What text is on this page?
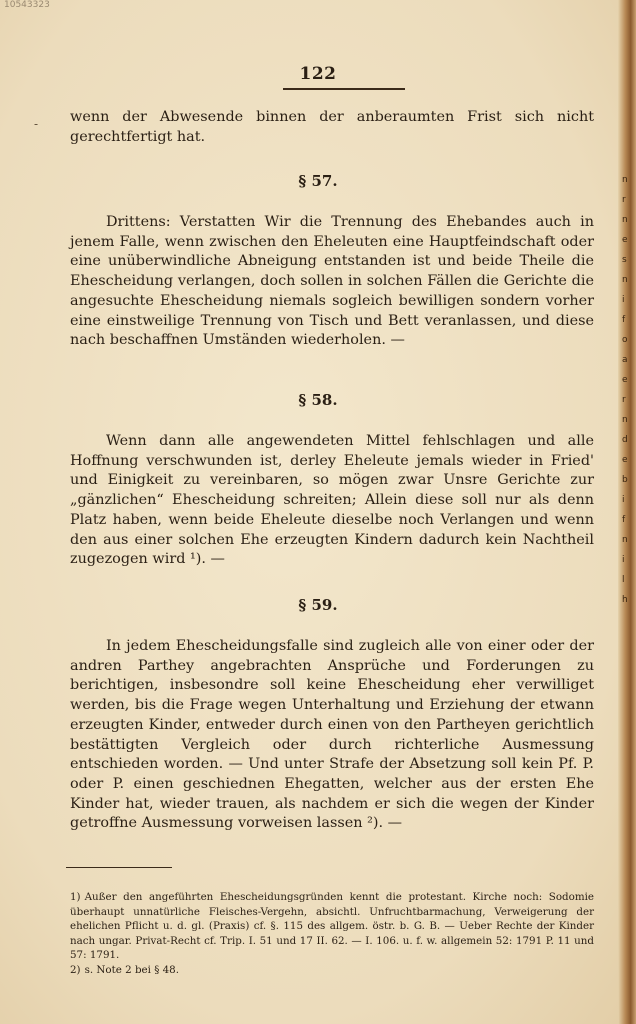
10543323
-
122

wenn der Abwesende binnen der anberaumten Frist sich nicht gerechtfertigt hat.

§ 57.

Drittens: Verstatten Wir die Trennung des Ehebandes auch in jenem Falle, wenn zwischen den Eheleuten eine Hauptfeindschaft oder eine unüberwindliche Abneigung entstanden ist und beide Theile die Ehescheidung verlangen, doch sollen in solchen Fällen die Gerichte die angesuchte Ehescheidung niemals sogleich bewilligen sondern vorher eine einstweilige Trennung von Tisch und Bett veranlassen, und diese nach beschaffnen Umständen wiederholen. —

§ 58.

Wenn dann alle angewendeten Mittel fehlschlagen und alle Hoffnung verschwunden ist, derley Eheleute jemals wieder in Fried' und Einigkeit zu vereinbaren, so mögen zwar Unsre Gerichte zur „gänzlichen“ Ehescheidung schreiten; Allein diese soll nur als denn Platz haben, wenn beide Eheleute dieselbe noch Verlangen und wenn den aus einer solchen Ehe erzeugten Kindern dadurch kein Nachtheil zugezogen wird ¹). —

§ 59.

In jedem Ehescheidungsfalle sind zugleich alle von einer oder der andren Parthey angebrachten Ansprüche und Forderungen zu berichtigen, insbesondre soll keine Ehescheidung eher verwilliget werden, bis die Frage wegen Unterhaltung und Erziehung der etwann erzeugten Kinder, entweder durch einen von den Partheyen gerichtlich bestättigten Vergleich oder durch richterliche Ausmessung entschieden worden. — Und unter Strafe der Absetzung soll kein Pf. P. oder P. einen geschiednen Ehegatten, welcher aus der ersten Ehe Kinder hat, wieder trauen, als nachdem er sich die wegen der Kinder getroffne Ausmessung vorweisen lassen ²). —

1) Außer den angeführten Ehescheidungsgründen kennt die protestant. Kirche noch: Sodomie überhaupt unnatürliche Fleisches-Vergehn, absichtl. Unfruchtbarmachung, Verweigerung der ehelichen Pflicht u. d. gl. (Praxis) cf. §. 115 des allgem. östr. b. G. B. — Ueber Rechte der Kinder nach ungar. Privat-Recht cf. Trip. I. 51 und 17 II. 62. — I. 106. u. f. w. allgemein 52: 1791 P. 11 und 57: 1791.
2) s. Note 2 bei § 48.
n
r
n
e
s
n
i
f
o
a
e
r
n
d
e
b
i
f
n
i
l
h
